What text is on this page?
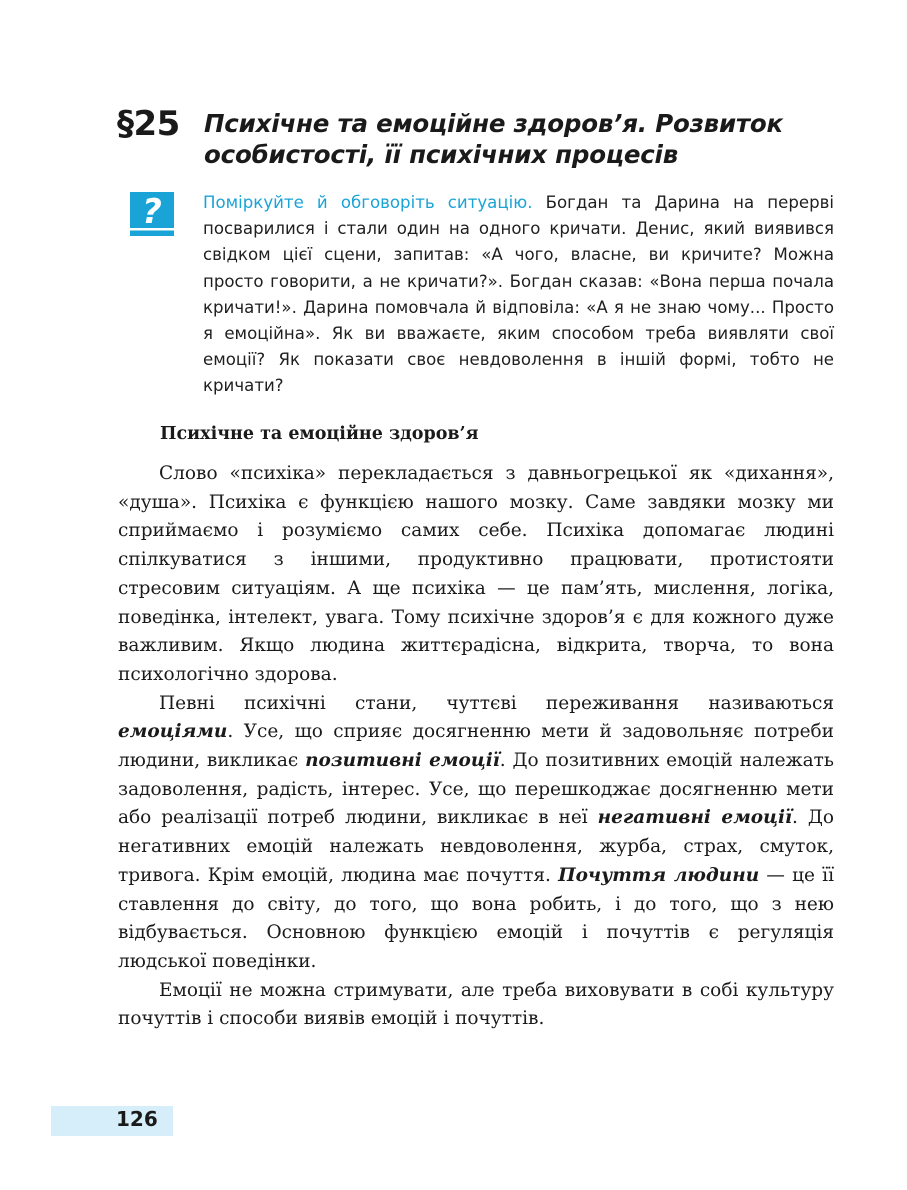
§25 Психічне та емоційне здоров’я. Розвиток особистості, її психічних процесів
? Поміркуйте й обговоріть ситуацію. Богдан та Дарина на перерві посварилися і стали один на одного кричати. Денис, який виявився свідком цієї сцени, запитав: «А чого, власне, ви кричите? Можна просто говорити, а не кричати?». Богдан сказав: «Вона перша почала кричати!». Дарина помовчала й відповіла: «А я не знаю чому... Просто я емоційна». Як ви вважаєте, яким способом треба виявляти свої емоції? Як показати своє невдоволення в іншій формі, тобто не кричати?
Психічне та емоційне здоров’я

Слово «психіка» перекладається з давньогрецької як «дихання», «душа». Психіка є функцією нашого мозку. Саме завдяки мозку ми сприймаємо і розуміємо самих себе. Психіка допомагає людині спілкуватися з іншими, продуктивно працювати, протистояти стресовим ситуаціям. А ще психіка — це пам’ять, мислення, логіка, поведінка, інтелект, увага. Тому психічне здоров’я є для кожного дуже важливим. Якщо людина життєрадісна, відкрита, творча, то вона психологічно здорова.

Певні психічні стани, чуттєві переживання називаються емоціями. Усе, що сприяє досягненню мети й задовольняє потреби людини, викликає позитивні емоції. До позитивних емоцій належать задоволення, радість, інтерес. Усе, що перешкоджає досягненню мети або реалізації потреб людини, викликає в неї негативні емоції. До негативних емоцій належать невдоволення, журба, страх, смуток, тривога. Крім емоцій, людина має почуття. Почуття людини — це її ставлення до світу, до того, що вона робить, і до того, що з нею відбувається. Основною функцією емоцій і почуттів є регуляція людської поведінки.

Емоції не можна стримувати, але треба виховувати в собі культуру почуттів і способи виявів емоцій і почуттів.

126
